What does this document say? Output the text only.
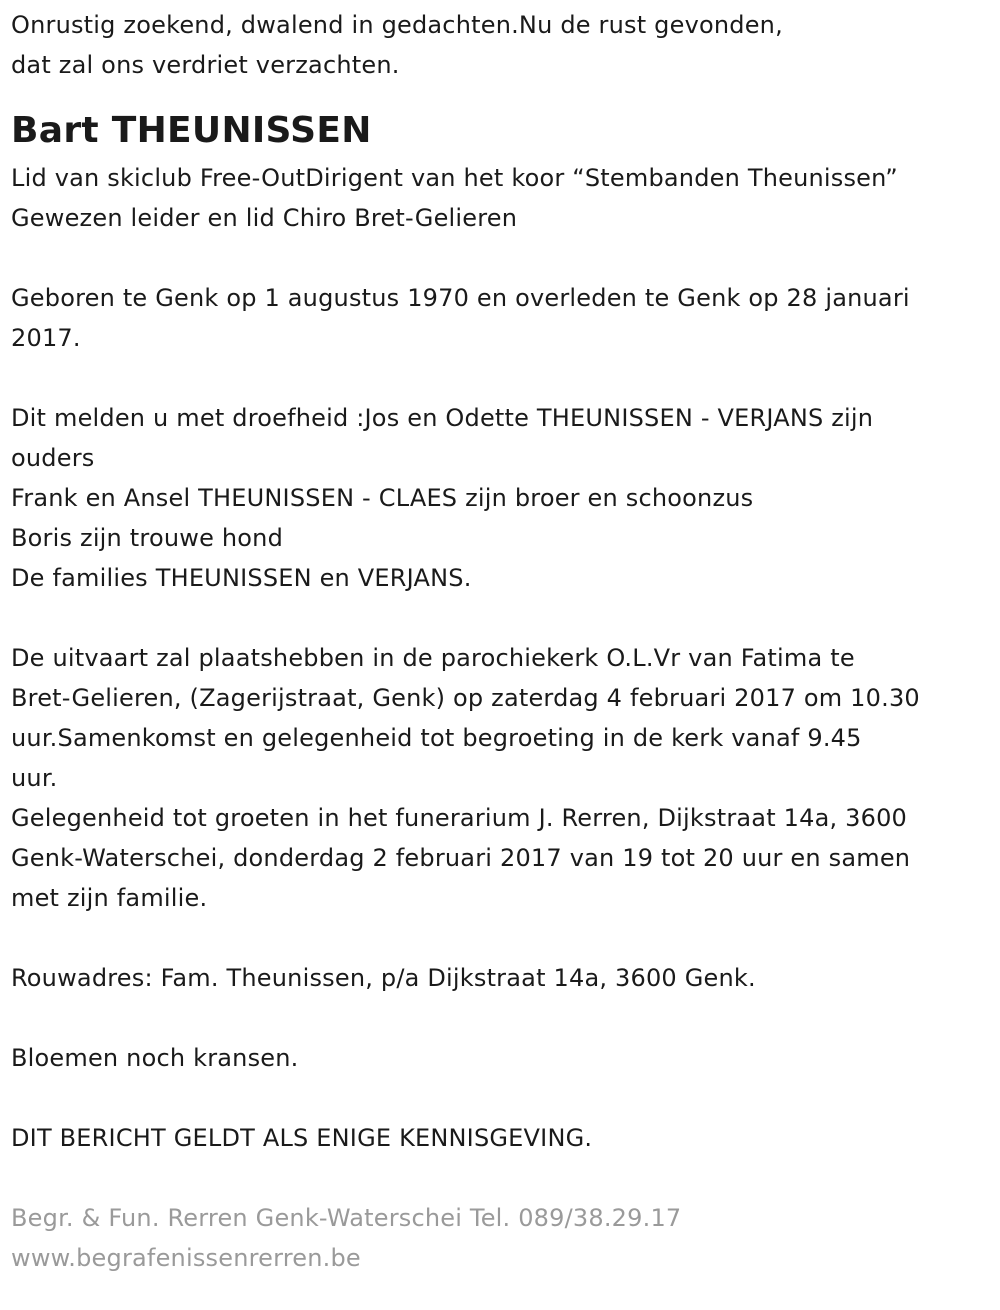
Onrustig zoekend, dwalend in gedachten.Nu de rust gevonden,
dat zal ons verdriet verzachten.
Bart THEUNISSEN
Lid van skiclub Free-OutDirigent van het koor “Stembanden Theunissen”
Gewezen leider en lid Chiro Bret-Gelieren
Geboren te Genk op 1 augustus 1970 en overleden te Genk op 28 januari
2017.
Dit melden u met droefheid :Jos en Odette THEUNISSEN - VERJANS zijn
ouders
Frank en Ansel THEUNISSEN - CLAES zijn broer en schoonzus
Boris zijn trouwe hond
De families THEUNISSEN en VERJANS.
De uitvaart zal plaatshebben in de parochiekerk O.L.Vr van Fatima te
Bret-Gelieren, (Zagerijstraat, Genk) op zaterdag 4 februari 2017 om 10.30
uur.Samenkomst en gelegenheid tot begroeting in de kerk vanaf 9.45
uur.
Gelegenheid tot groeten in het funerarium J. Rerren, Dijkstraat 14a, 3600
Genk-Waterschei, donderdag 2 februari 2017 van 19 tot 20 uur en samen
met zijn familie.
Rouwadres: Fam. Theunissen, p/a Dijkstraat 14a, 3600 Genk.
Bloemen noch kransen.
DIT BERICHT GELDT ALS ENIGE KENNISGEVING.
Begr. & Fun. Rerren Genk-Waterschei Tel. 089/38.29.17
www.begrafenissenrerren.be
